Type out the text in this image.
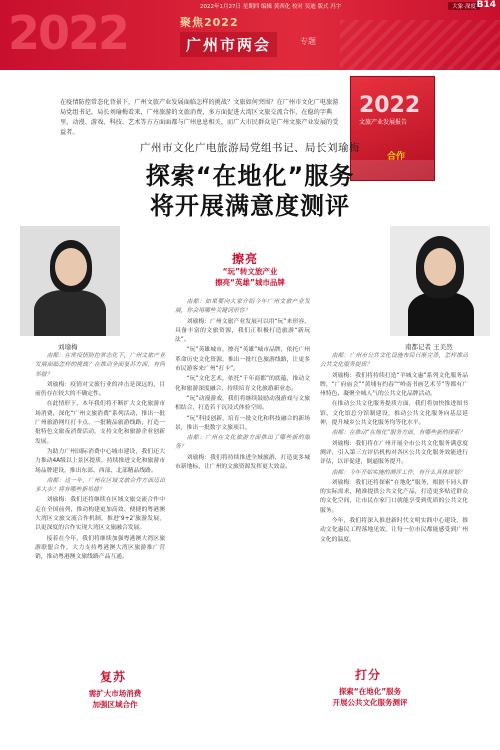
2022	2022年1月27日 星期四 编辑 黄西化 校对 吴迪 版式 冯宇	大象·深度 B14
聚焦2022
广州市两会	专题
在疫情防控常态化背景下，广州文旅产业发展面临怎样的挑战？文旅如何突围？在广州市文化广电旅游局党组书记、局长刘瑜梅看来，广州旅游的文旅消费，多方面促进大湾区文旅交流合作，在稳的字典里，动漫、游戏、科技、艺术等方方面面都与广州息息相关，而广大市民群众是广州文旅产业发展的受益者。
2022
文旅产业发展报告
合作
广州市文化广电旅游局党组书记、局长刘瑜梅
探索“在地化”服务
将开展满意度测评
刘瑜梅	南都记者 王美然
擦亮
“玩”转文旅产业
擦亮“英雄”城市品牌

南都：在常疫情防控常态化下，广州文旅产业发展面临怎样的挑战？在推动全面复苏方面，有何举措？

刘瑜梅：疫情对文旅行业的冲击是深远的，目前仍存在较大的不确定性。

在此情形下，本年我们将不断扩大文化旅游市场消费，深化“广州文旅消费”系列活动，推出一批广州旅游网红打卡点，一批精品旅游线路，打造一批特色文旅夜消费活动，支持文化和旅游企业创新发展。

为助力广州国际消费中心城市建设，我们还大力推动4A级以上景区提质，持续推进文化和旅游市场品牌建设，推出东部、西部、北部精品线路。

南都：这一年，广州在区域文旅合作方面迈出多大步？将有哪些新举措？

刘瑜梅：我们还将继续在区域文旅交流合作中走在全国前列，推动构建更加高效、便捷的粤港澳大湾区文旅交流合作机制，推进‘9+2’旅游发展，以更深度的合作实现大湾区文旅融合发展。

接着在今年，我们将继续加强粤港澳大湾区旅游联盟合作，大力支持粤港澳大湾区旅游推广营销，推动粤港澳文旅线路产品互通。

南都：如果要向大家介绍今年广州文旅产业发展，你会用哪些关键词形容？

刘瑜梅：广州文旅产业发展可以用“玩”来形容，具备丰富的文旅资源，我们正积极打造旅游“新玩法”。

“玩”英雄城市，擦亮“英雄”城市品牌，依托广州革命历史文化资源，推出一批红色旅游线路，让更多市民游客来广州“打卡”。

“玩”文化艺术，依托“千年商都”的底蕴，推动文化和旅游深度融合，持续培育文化旅游新业态。

“玩”动漫游戏，我们将继续鼓励动漫游戏与文旅相结合，打造若干沉浸式体验空间。

“玩”科技创新，培育一批文化和科技融合的新场景，推出一批数字文旅项目。

南都：广州在文化旅游方面推出了哪些新的服务？

刘瑜梅：我们将持续推进全域旅游，打造更多城市新地标，让广州的文旅资源发挥更大效益。

南都：广州市公共文化设施布局日渐完善，怎样推动公共文化服务提质？

刘瑜梅：我们将持续打造“羊城文惠”系列文化服务品牌，“广府庙会”“黄埔有约春”“岭南书画艺术节”等都有广州特色、凝聚全城人气的公共文化品牌活动。

在推动公共文化服务提质方面，我们将加快推进图书馆、文化馆总分馆制建设，推动公共文化服务向基层延伸，提升城乡公共文化服务均等化水平。

南都：在推动“在地化”服务方面，有哪些新的探索？

刘瑜梅：我们将在广州开展全市公共文化服务满意度测评，引入第三方评估机构对各区公共文化服务效能进行评估，以评促建，倒逼服务提升。

南都：今年开始实施的测评工作，有什么具体规划？

刘瑜梅：我们还将探索“在地化”服务，根据不同人群的实际需求，精准提供公共文化产品，打造更多贴近群众的文化空间，让市民在家门口就能享受到优质的公共文化服务。

今年，我们将深入推进新时代文明实践中心建设，推动文化惠民工程落地见效，让每一位市民都能感受到广州文化的温度。

复苏
需扩大市场消费
加强区域合作
打分
探索“在地化”服务
开展公共文化服务测评
